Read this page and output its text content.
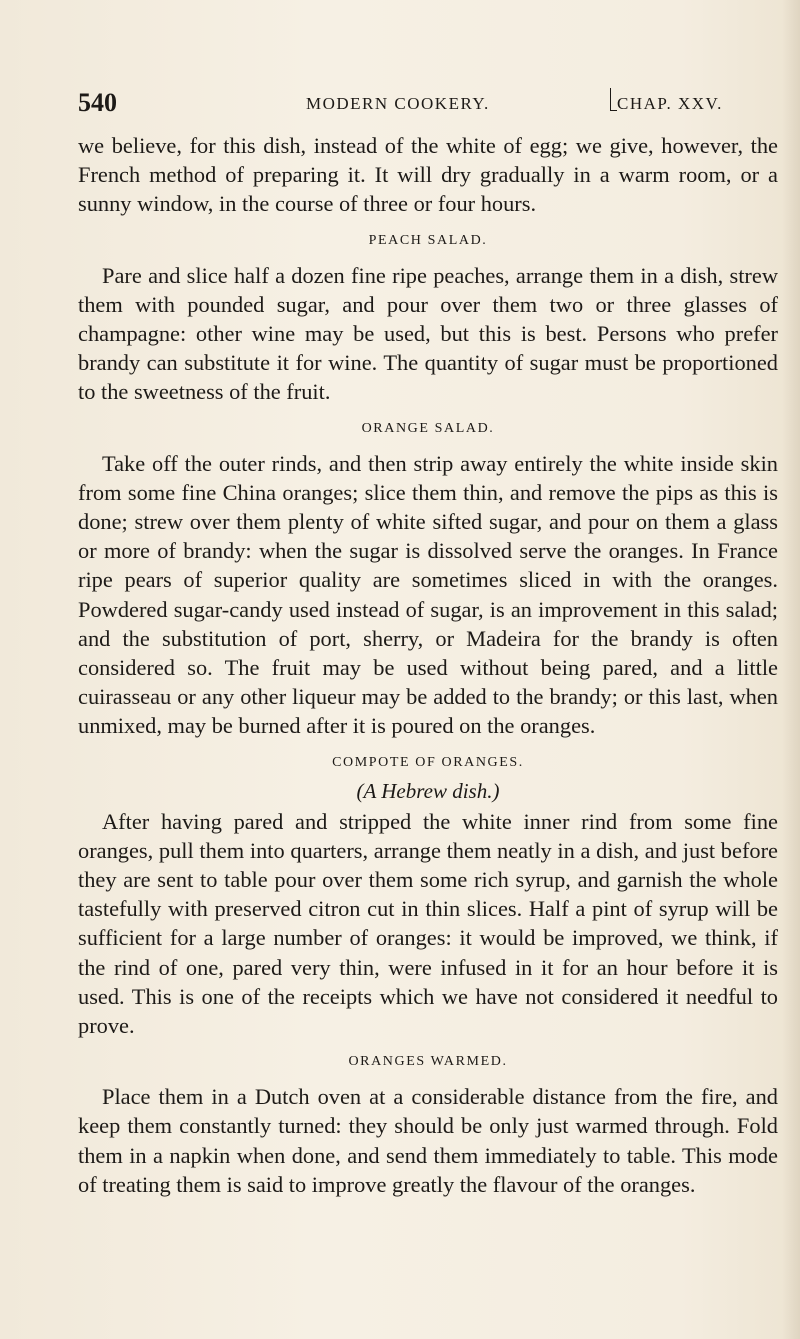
540	MODERN COOKERY.	CHAP. XXV.

we believe, for this dish, instead of the white of egg; we give, however, the French method of preparing it. It will dry gradually in a warm room, or a sunny window, in the course of three or four hours.

PEACH SALAD.

Pare and slice half a dozen fine ripe peaches, arrange them in a dish, strew them with pounded sugar, and pour over them two or three glasses of champagne: other wine may be used, but this is best. Persons who prefer brandy can substitute it for wine. The quantity of sugar must be proportioned to the sweetness of the fruit.

ORANGE SALAD.

Take off the outer rinds, and then strip away entirely the white inside skin from some fine China oranges; slice them thin, and remove the pips as this is done; strew over them plenty of white sifted sugar, and pour on them a glass or more of brandy: when the sugar is dissolved serve the oranges. In France ripe pears of superior quality are sometimes sliced in with the oranges. Powdered sugar-candy used instead of sugar, is an improvement in this salad; and the substitution of port, sherry, or Madeira for the brandy is often considered so. The fruit may be used without being pared, and a little cuirasseau or any other liqueur may be added to the brandy; or this last, when unmixed, may be burned after it is poured on the oranges.

COMPOTE OF ORANGES.
(A Hebrew dish.)

After having pared and stripped the white inner rind from some fine oranges, pull them into quarters, arrange them neatly in a dish, and just before they are sent to table pour over them some rich syrup, and garnish the whole tastefully with preserved citron cut in thin slices. Half a pint of syrup will be sufficient for a large number of oranges: it would be improved, we think, if the rind of one, pared very thin, were infused in it for an hour before it is used. This is one of the receipts which we have not considered it needful to prove.

ORANGES WARMED.

Place them in a Dutch oven at a considerable distance from the fire, and keep them constantly turned: they should be only just warmed through. Fold them in a napkin when done, and send them immediately to table. This mode of treating them is said to improve greatly the flavour of the oranges.
